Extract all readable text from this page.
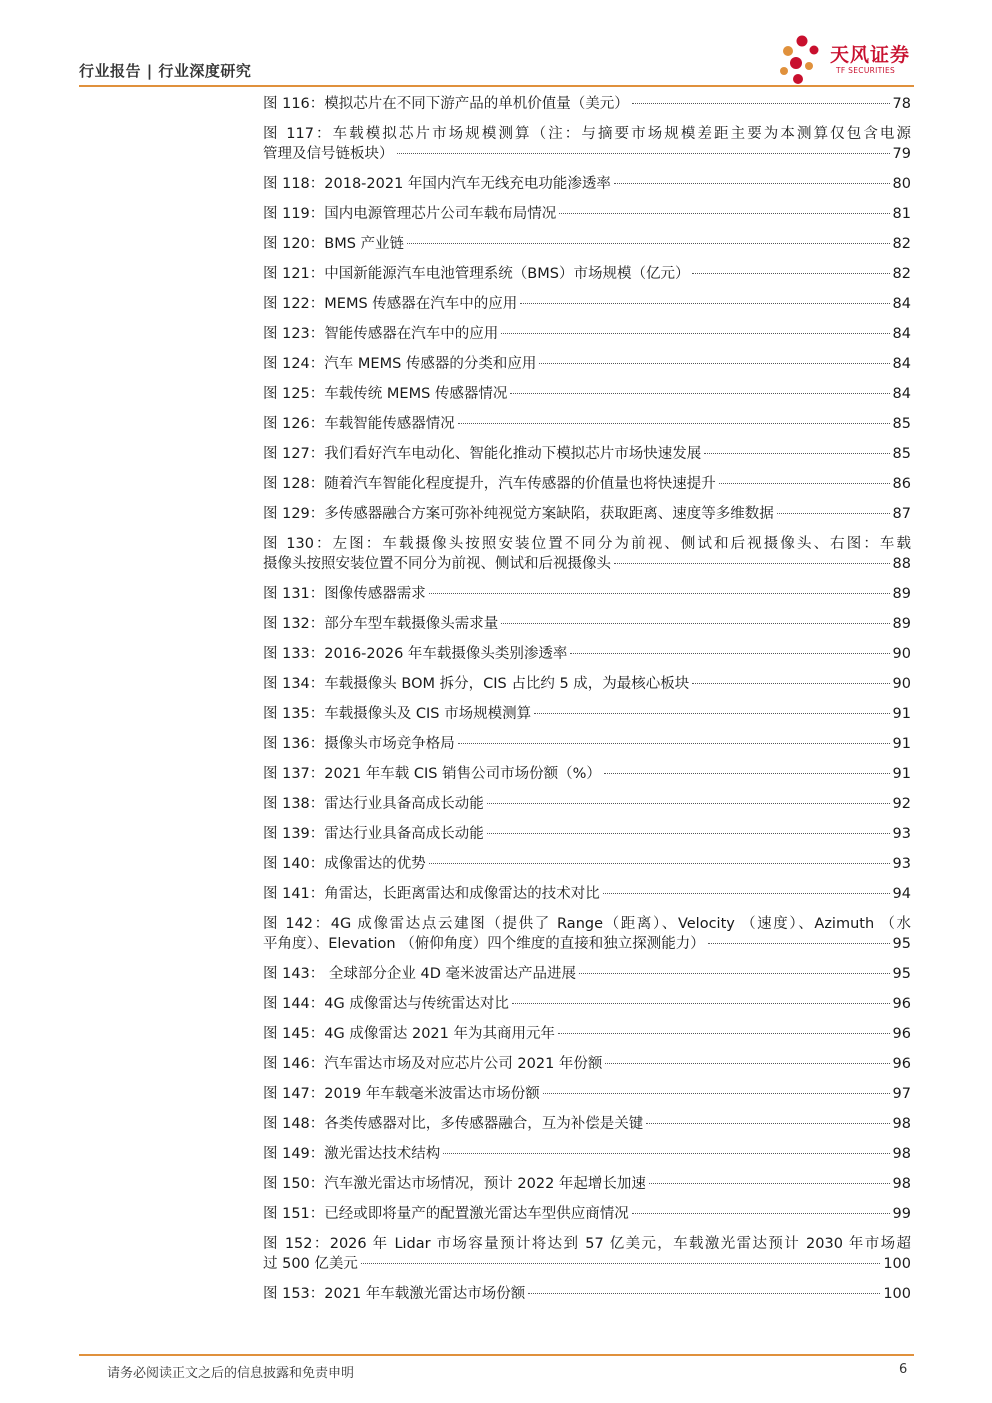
行业报告 | 行业深度研究
天风证券
TF SECURITIES
图 116：模拟芯片在不同下游产品的单机价值量（美元）	78
图 117：车载模拟芯片市场规模测算（注：与摘要市场规模差距主要为本测算仅包含电源
管理及信号链板块）	79
图 118：2018-2021 年国内汽车无线充电功能渗透率	80
图 119：国内电源管理芯片公司车载布局情况	81
图 120：BMS 产业链	82
图 121：中国新能源汽车电池管理系统（BMS）市场规模（亿元）	82
图 122：MEMS 传感器在汽车中的应用	84
图 123：智能传感器在汽车中的应用	84
图 124：汽车 MEMS 传感器的分类和应用	84
图 125：车载传统 MEMS 传感器情况	84
图 126：车载智能传感器情况	85
图 127：我们看好汽车电动化、智能化推动下模拟芯片市场快速发展	85
图 128：随着汽车智能化程度提升，汽车传感器的价值量也将快速提升	86
图 129：多传感器融合方案可弥补纯视觉方案缺陷，获取距离、速度等多维数据	87
图 130：左图：车载摄像头按照安装位置不同分为前视、侧试和后视摄像头、右图：车载
摄像头按照安装位置不同分为前视、侧试和后视摄像头	88
图 131：图像传感器需求	89
图 132：部分车型车载摄像头需求量	89
图 133：2016-2026 年车载摄像头类别渗透率	90
图 134：车载摄像头 BOM 拆分，CIS 占比约 5 成，为最核心板块	90
图 135：车载摄像头及 CIS 市场规模测算	91
图 136：摄像头市场竞争格局	91
图 137：2021 年车载 CIS 销售公司市场份额（%）	91
图 138：雷达行业具备高成长动能	92
图 139：雷达行业具备高成长动能	93
图 140：成像雷达的优势	93
图 141：角雷达，长距离雷达和成像雷达的技术对比	94
图 142：4G 成像雷达点云建图（提供了 Range（距离）、Velocity （速度）、Azimuth （水
平角度）、Elevation （俯仰角度）四个维度的直接和独立探测能力）	95
图 143： 全球部分企业 4D 毫米波雷达产品进展	95
图 144：4G 成像雷达与传统雷达对比	96
图 145：4G 成像雷达 2021 年为其商用元年	96
图 146：汽车雷达市场及对应芯片公司 2021 年份额	96
图 147：2019 年车载毫米波雷达市场份额	97
图 148：各类传感器对比，多传感器融合，互为补偿是关键	98
图 149：激光雷达技术结构	98
图 150：汽车激光雷达市场情况，预计 2022 年起增长加速	98
图 151：已经或即将量产的配置激光雷达车型供应商情况	99
图 152：2026 年 Lidar 市场容量预计将达到 57 亿美元，车载激光雷达预计 2030 年市场超
过 500 亿美元	100
图 153：2021 年车载激光雷达市场份额	100
请务必阅读正文之后的信息披露和免责申明	6
